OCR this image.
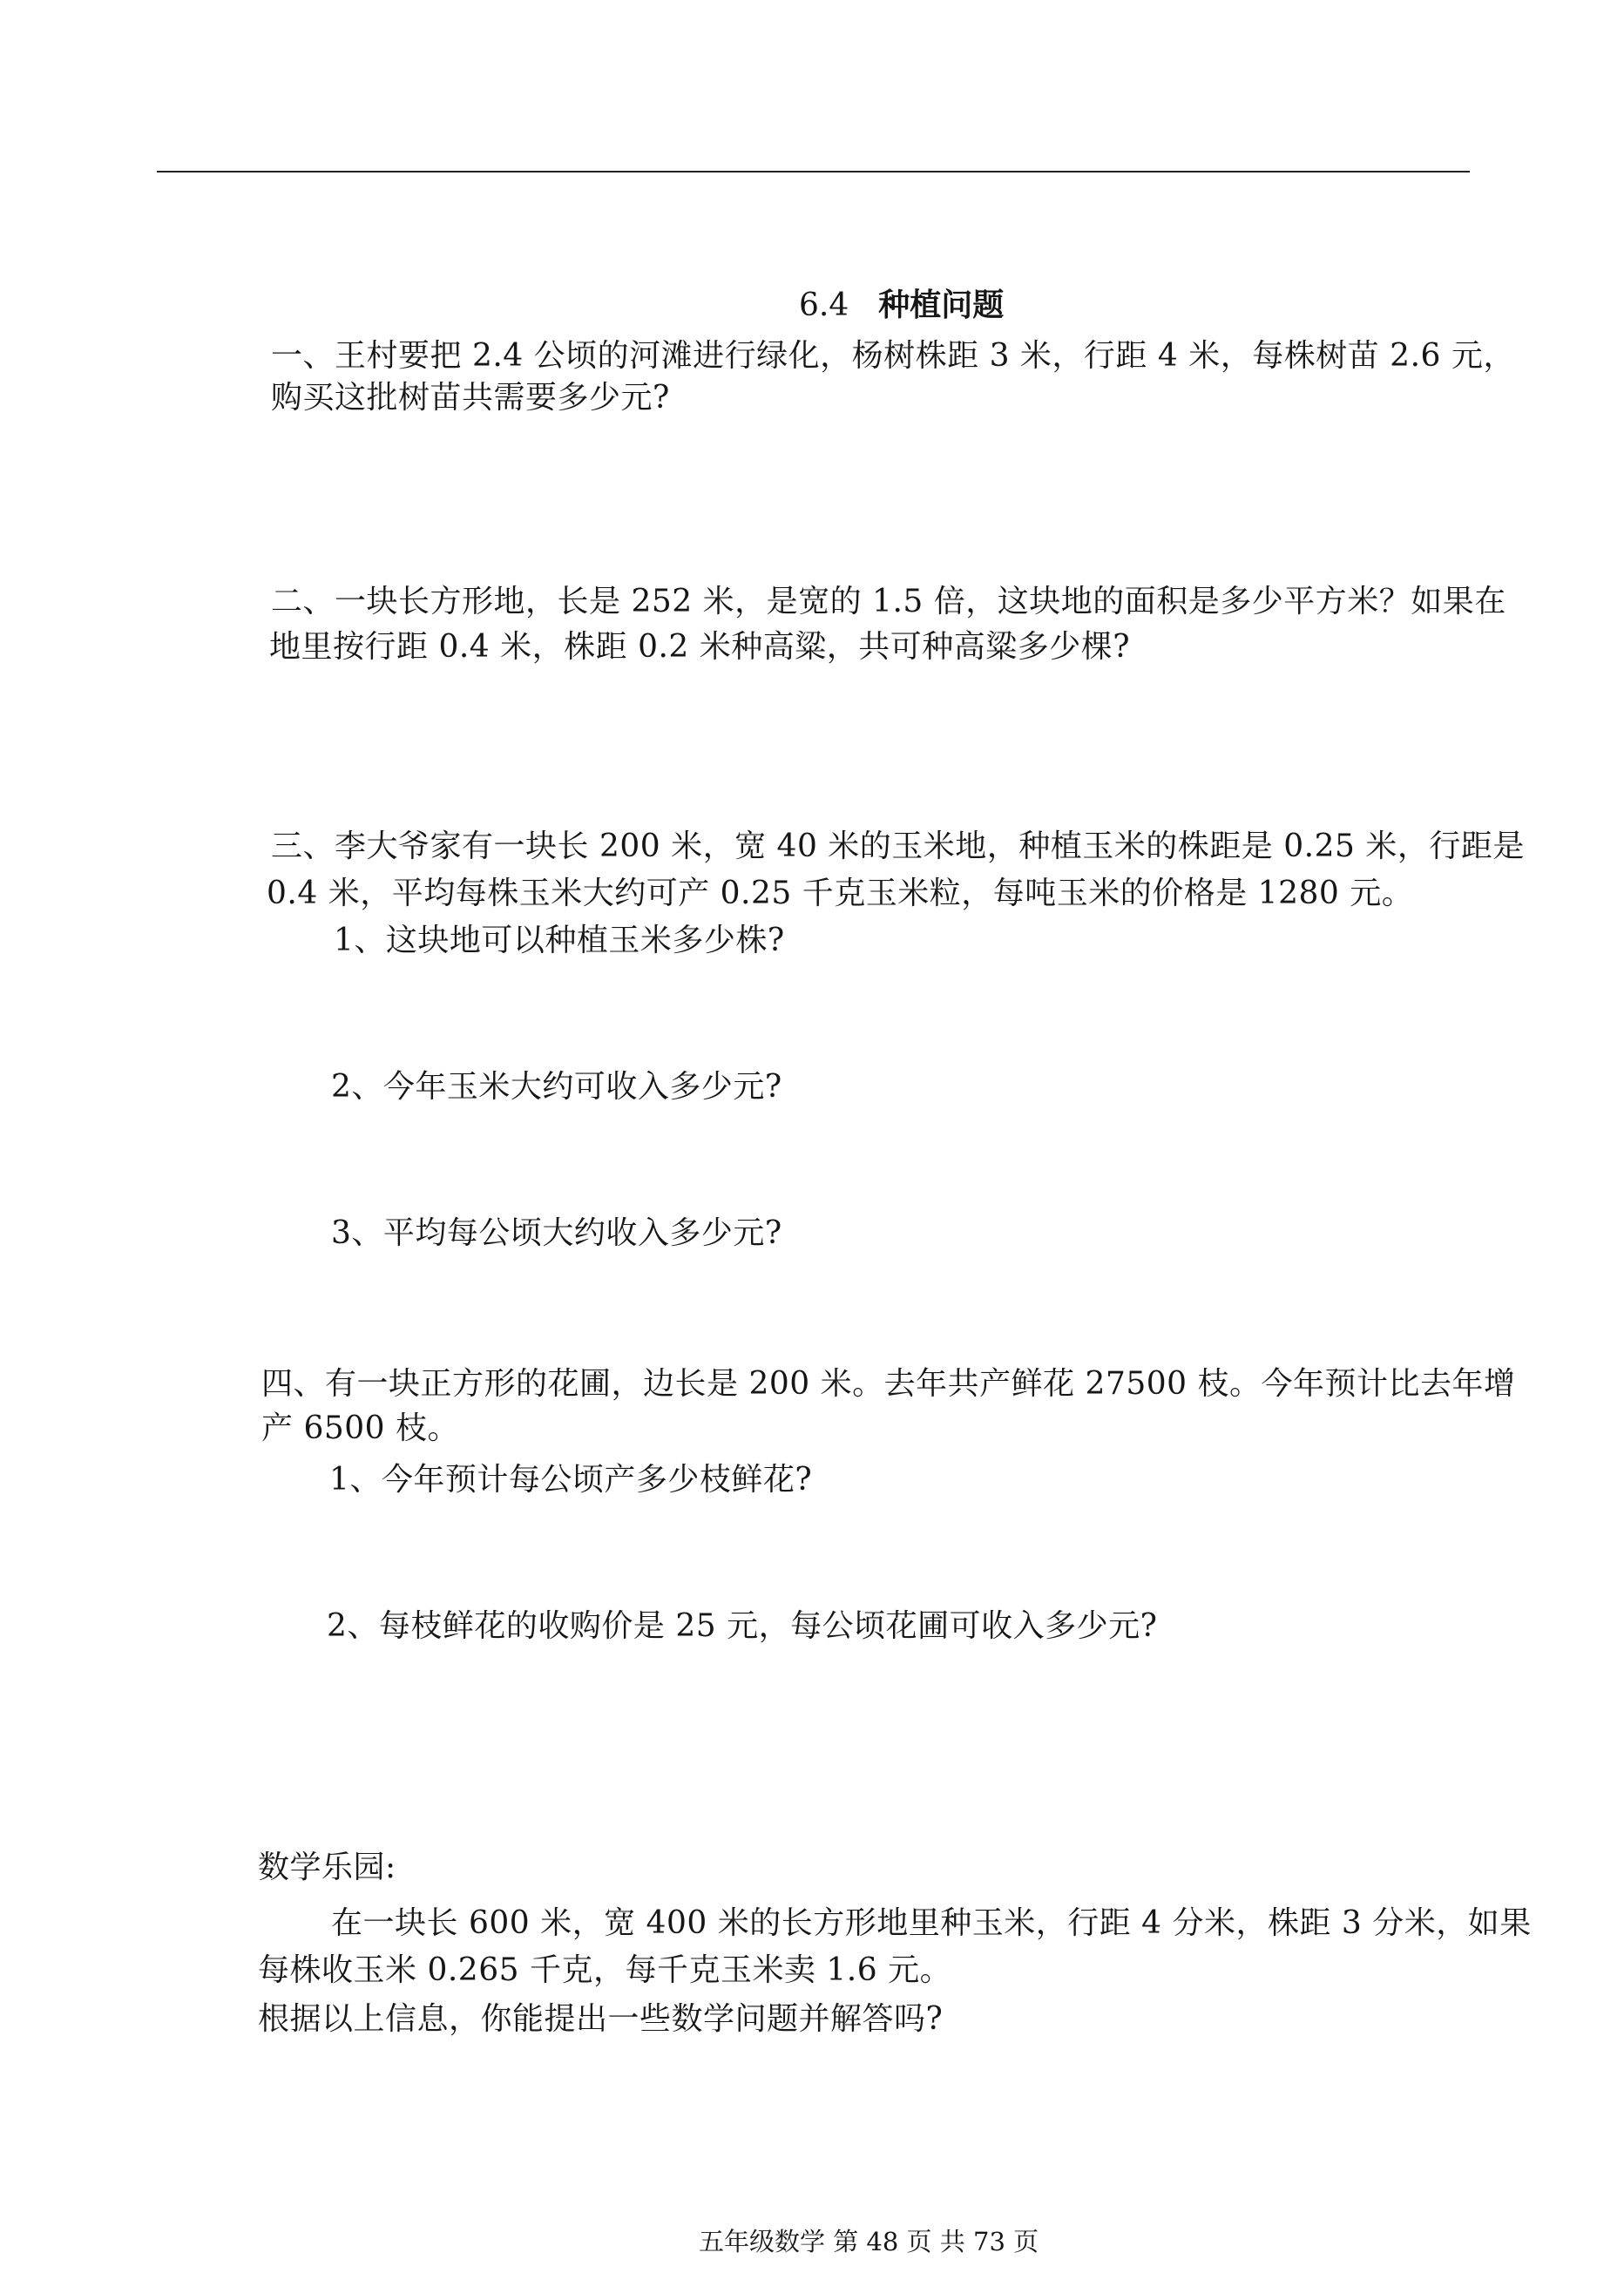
6.4 种植问题
一、王村要把 2.4 公顷的河滩进行绿化，杨树株距 3 米，行距 4 米，每株树苗 2.6 元，
购买这批树苗共需要多少元?
二、一块长方形地，长是 252 米，是宽的 1.5 倍，这块地的面积是多少平方米？如果在
地里按行距 0.4 米，株距 0.2 米种高粱，共可种高粱多少棵?
三、李大爷家有一块长 200 米，宽 40 米的玉米地，种植玉米的株距是 0.25 米，行距是
0.4 米，平均每株玉米大约可产 0.25 千克玉米粒，每吨玉米的价格是 1280 元。
1、这块地可以种植玉米多少株?
2、今年玉米大约可收入多少元?
3、平均每公顷大约收入多少元?
四、有一块正方形的花圃，边长是 200 米。去年共产鲜花 27500 枝。今年预计比去年增
产 6500 枝。
1、今年预计每公顷产多少枝鲜花?
2、每枝鲜花的收购价是 25 元，每公顷花圃可收入多少元?
数学乐园:
在一块长 600 米，宽 400 米的长方形地里种玉米，行距 4 分米，株距 3 分米，如果
每株收玉米 0.265 千克，每千克玉米卖 1.6 元。
根据以上信息，你能提出一些数学问题并解答吗?
五年级数学 第 48 页 共 73 页
